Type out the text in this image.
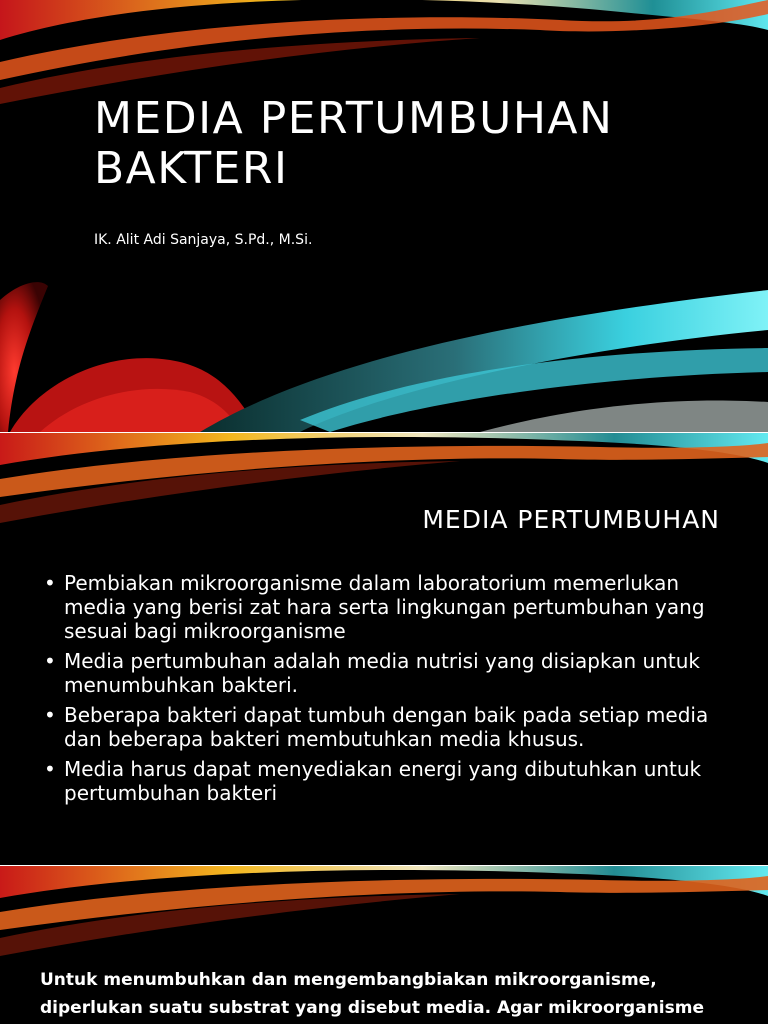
MEDIA PERTUMBUHAN BAKTERI
IK. Alit Adi Sanjaya, S.Pd., M.Si.
MEDIA PERTUMBUHAN
• Pembiakan mikroorganisme dalam laboratorium memerlukan media yang berisi zat hara serta lingkungan pertumbuhan yang sesuai bagi mikroorganisme
• Media pertumbuhan adalah media nutrisi yang disiapkan untuk menumbuhkan bakteri.
• Beberapa bakteri dapat tumbuh dengan baik pada setiap media dan beberapa bakteri membutuhkan media khusus.
• Media harus dapat menyediakan energi yang dibutuhkan untuk pertumbuhan bakteri
Untuk menumbuhkan dan mengembangbiakan mikroorganisme, diperlukan suatu substrat yang disebut media. Agar mikroorganisme
